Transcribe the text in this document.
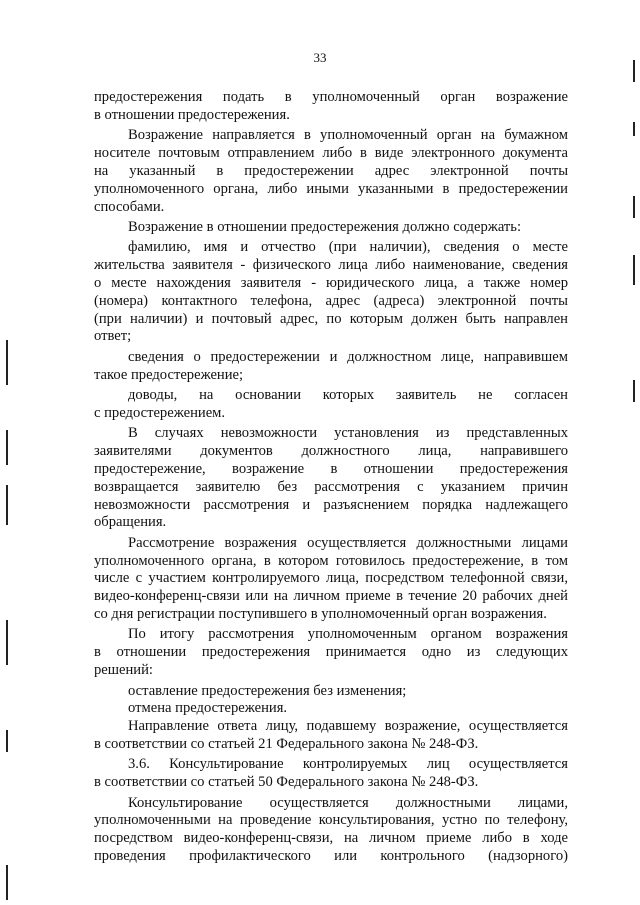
33
предостережения подать в уполномоченный орган возражение
в отношении предостережения.
Возражение направляется в уполномоченный орган на бумажном
носителе почтовым отправлением либо в виде электронного документа
на указанный в предостережении адрес электронной почты
уполномоченного органа, либо иными указанными в предостережении
способами.
Возражение в отношении предостережения должно содержать:
фамилию, имя и отчество (при наличии), сведения о месте
жительства заявителя - физического лица либо наименование, сведения
о месте нахождения заявителя - юридического лица, а также номер
(номера) контактного телефона, адрес (адреса) электронной почты
(при наличии) и почтовый адрес, по которым должен быть направлен
ответ;
сведения о предостережении и должностном лице, направившем
такое предостережение;
доводы, на основании которых заявитель не согласен
с предостережением.
В случаях невозможности установления из представленных
заявителями документов должностного лица, направившего
предостережение, возражение в отношении предостережения
возвращается заявителю без рассмотрения с указанием причин
невозможности рассмотрения и разъяснением порядка надлежащего
обращения.
Рассмотрение возражения осуществляется должностными лицами
уполномоченного органа, в котором готовилось предостережение, в том
числе с участием контролируемого лица, посредством телефонной связи,
видео-конференц-связи или на личном приеме в течение 20 рабочих дней
со дня регистрации поступившего в уполномоченный орган возражения.
По итогу рассмотрения уполномоченным органом возражения
в отношении предостережения принимается одно из следующих
решений:
оставление предостережения без изменения;
отмена предостережения.
Направление ответа лицу, подавшему возражение, осуществляется
в соответствии со статьей 21 Федерального закона № 248-ФЗ.
3.6. Консультирование контролируемых лиц осуществляется
в соответствии со статьей 50 Федерального закона № 248-ФЗ.
Консультирование осуществляется должностными лицами,
уполномоченными на проведение консультирования, устно по телефону,
посредством видео-конференц-связи, на личном приеме либо в ходе
проведения профилактического или контрольного (надзорного)
